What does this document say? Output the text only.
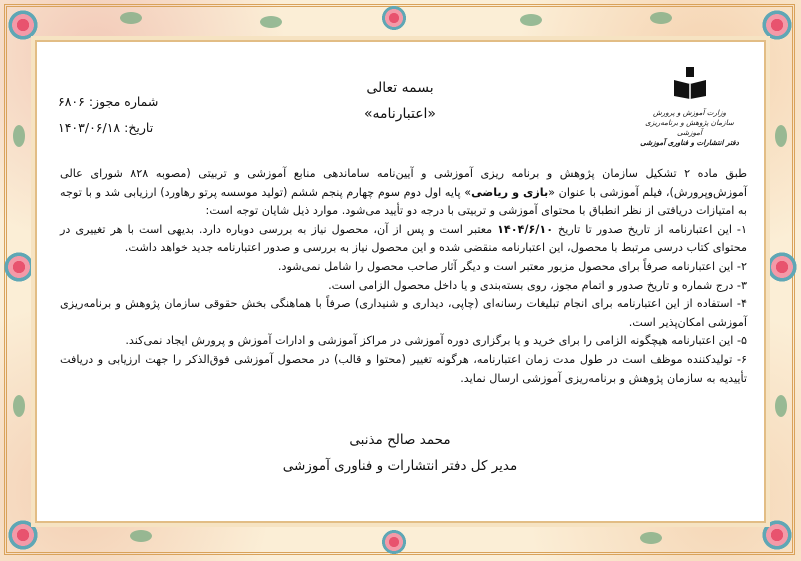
وزارت آموزش و پرورش
سازمان پژوهش و برنامه‌ریزی آموزشی
دفتر انتشارات و فناوری آموزشی
بسمه تعالی
«اعتبارنامه»
شماره مجوز: ۶۸۰۶
تاریخ: ۱۴۰۳/۰۶/۱۸
طبق ماده ۲ تشکیل سازمان پژوهش و برنامه ریزی آموزشی و آیین‌نامه ساماندهی منابع آموزشی و تربیتی (مصوبه ۸۲۸ شورای عالی آموزش‌وپرورش)، فیلم آموزشی با عنوان «بازی و ریاضی» پایه اول دوم سوم چهارم پنجم ششم (تولید موسسه پرتو رهاورد) ارزیابی شد و با توجه به امتیازات دریافتی از نظر انطباق با محتوای آموزشی و تربیتی با درجه دو تأیید می‌شود. موارد ذیل شایان توجه است:
۱- این اعتبارنامه از تاریخ صدور تا تاریخ ۱۴۰۴/۶/۱۰ معتبر است و پس از آن، محصول نیاز به بررسی دوباره دارد. بدیهی است با هر تغییری در محتوای کتاب درسی مرتبط با محصول، این اعتبارنامه منقضی شده و این محصول نیاز به بررسی و صدور اعتبارنامه جدید خواهد داشت.
۲- این اعتبارنامه صرفاً برای محصول مزبور معتبر است و دیگر آثار صاحب محصول را شامل نمی‌شود.
۳- درج شماره و تاریخ صدور و اتمام مجوز، روی بسته‌بندی و یا داخل محصول الزامی است.
۴- استفاده از این اعتبارنامه برای انجام تبلیغات رسانه‌ای (چاپی، دیداری و شنیداری) صرفاً با هماهنگی بخش حقوقی سازمان پژوهش و برنامه‌ریزی آموزشی امکان‌پذیر است.
۵- این اعتبارنامه هیچگونه الزامی را برای خرید و یا برگزاری دوره آموزشی در مراکز آموزشی و ادارات آموزش و پرورش ایجاد نمی‌کند.
۶- تولیدکننده موظف است در طول مدت زمان اعتبارنامه، هرگونه تغییر (محتوا و قالب) در محصول آموزشی فوق‌الذکر را جهت ارزیابی و دریافت تأییدیه به سازمان پژوهش و برنامه‌ریزی آموزشی ارسال نماید.
محمد صالح مذنبی
مدیر کل دفتر انتشارات و فناوری آموزشی
